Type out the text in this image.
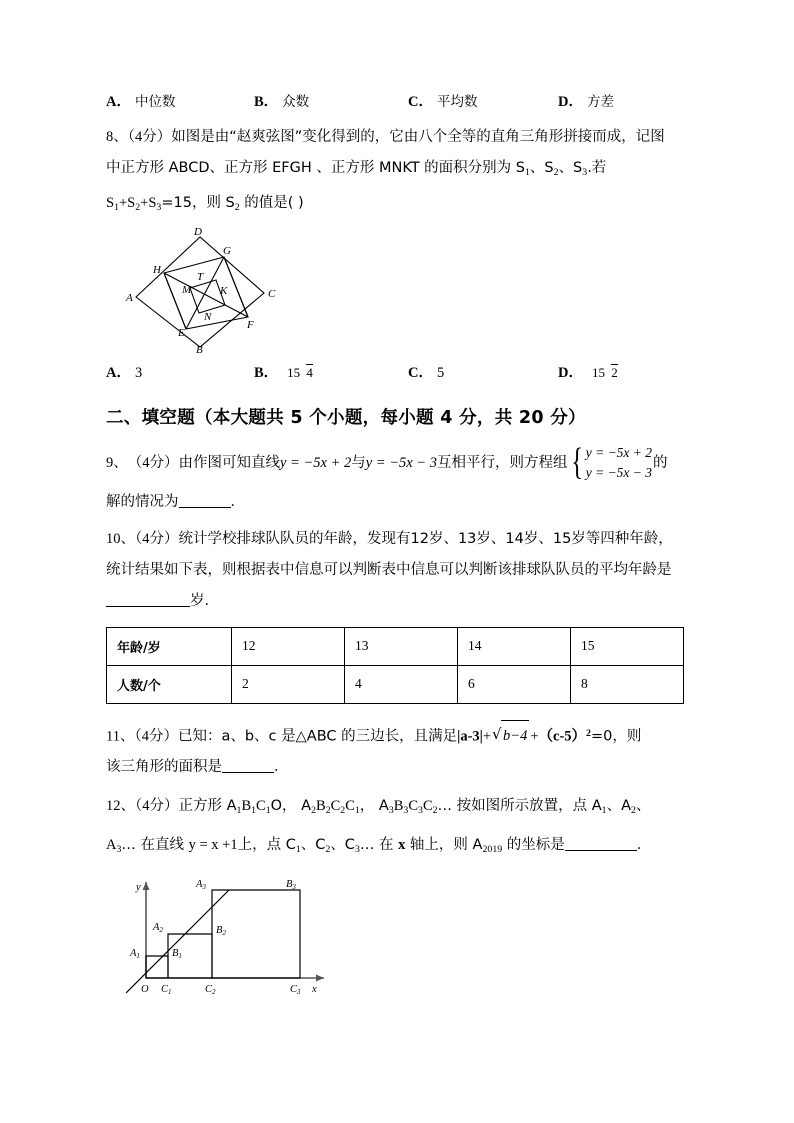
A． 中位数	B． 众数	C． 平均数	D． 方差
8、（4分）如图是由“赵爽弦图”变化得到的，它由八个全等的直角三角形拼接而成，记图
中正方形 ABCD、正方形 EFGH 、正方形 MNKT 的面积分别为 $S_1$、$S_2$、$S_3$.若
$S_1+S_2+S_3=15$，则 $S_2$ 的值是( )
A
B
C
D
E
F
G
H
M
N
K
T
A． 3	B． 15 4	C． 5	D． 15 2
二、填空题（本大题共 5 个小题，每小题 4 分，共 20 分）
9、 （4分） 由作图可知直线 y = −5x + 2 与 y = −5x − 3 互相平行，则方程组 { y = −5x + 2
y = −5x − 3
的
解的情况为	．
10、（4分）统计学校排球队队员的年龄，发现有12岁、13岁、14岁、15岁等四种年龄，
统计结果如下表，则根据表中信息可以判断表中信息可以判断该排球队队员的平均年龄是
岁．
年龄/岁	12	13	14	15
人数/个	2	4	6	8
11、（4分）已知：a、b、c 是△ABC 的三边长，且满足|a‑3|+ √ b−4 +（c‑5）$^2$=0，则
该三角形的面积是	．
12、（4分）正方形 $A_1B_1C_1O$， $A_2B_2C_2C_1$， $A_3B_3C_3C_2\dots$ 按如图所示放置，点 $A_1$、$A_2$、
$A_3\dots$ 在直线 y = x +1上，点 $C_1$、$C_2$、$C_3\dots$ 在 x 轴上，则 $A_{2019}$ 的坐标是	．
y
x
O
A1
A2
A3
B1
B2
B3
C1	C2	C3
